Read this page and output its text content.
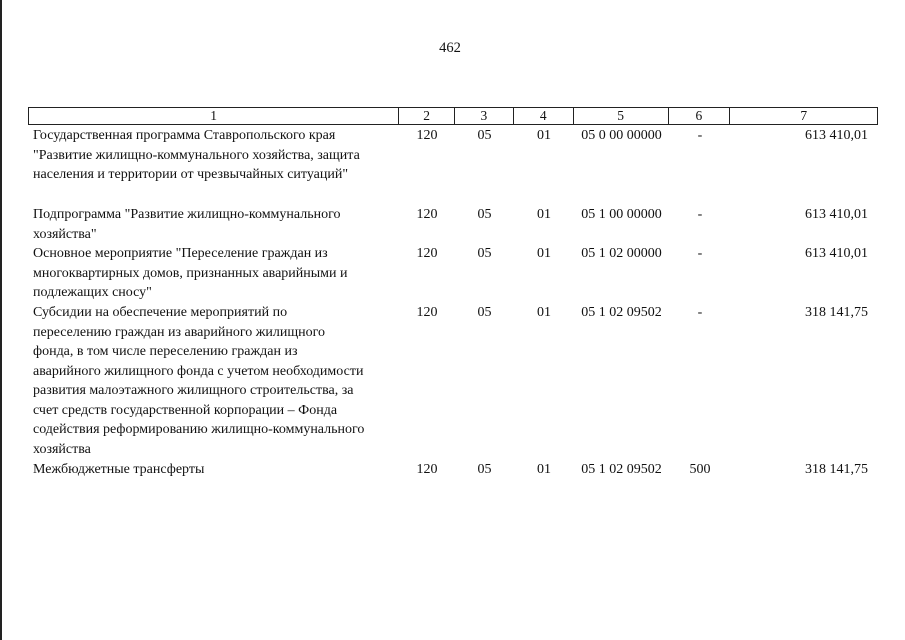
462
1	2	3	4	5	6	7
Государственная программа Ставропольского края
"Развитие жилищно-коммунального хозяйства, защита
населения и территории от чрезвычайных ситуаций"
120	05	01	05 0 00 00000	-	613 410,01
Подпрограмма "Развитие жилищно-коммунального
хозяйства"
120	05	01	05 1 00 00000	-	613 410,01
Основное мероприятие "Переселение граждан из
многоквартирных домов, признанных аварийными и
подлежащих сносу"
120	05	01	05 1 02 00000	-	613 410,01
Субсидии на обеспечение мероприятий по
переселению граждан из аварийного жилищного
фонда, в том числе переселению граждан из
аварийного жилищного фонда с учетом необходимости
развития малоэтажного жилищного строительства, за
счет средств государственной корпорации – Фонда
содействия реформированию жилищно-коммунального
хозяйства
120	05	01	05 1 02 09502	-	318 141,75
Межбюджетные трансферты	120	05	01	05 1 02 09502	500	318 141,75
